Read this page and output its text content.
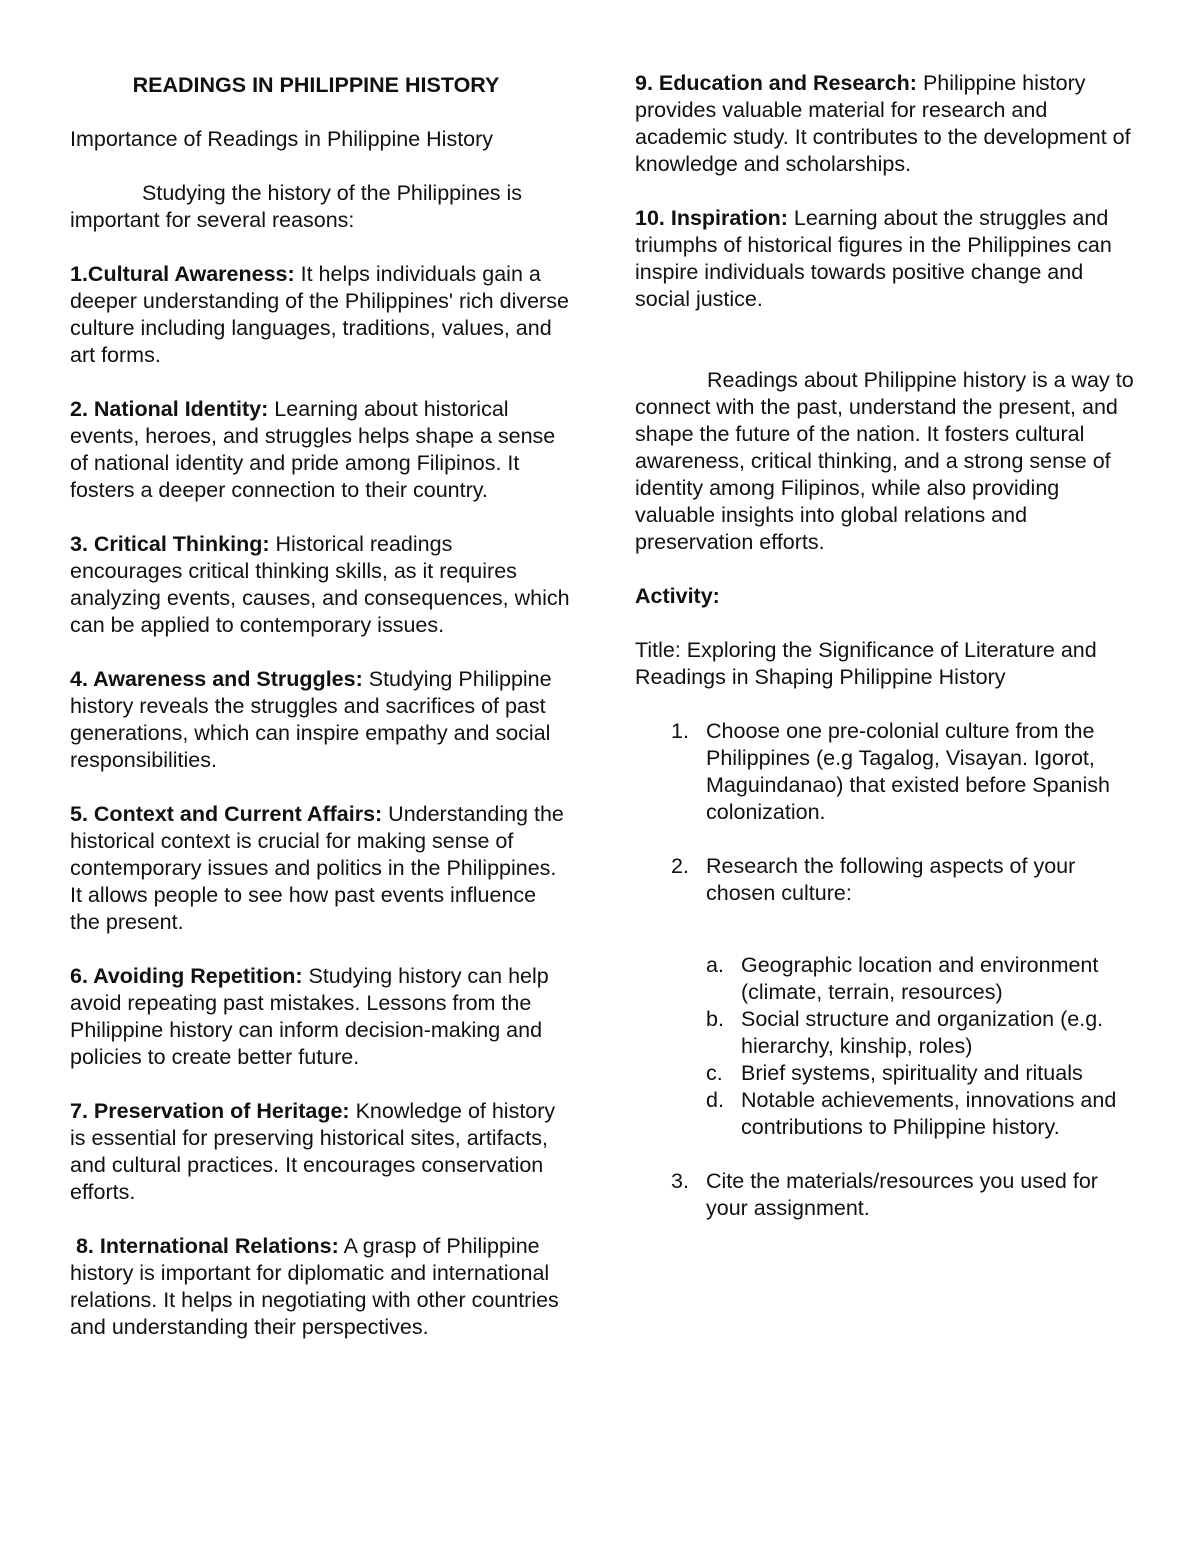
READINGS IN PHILIPPINE HISTORY

Importance of Readings in Philippine History

Studying the history of the Philippines is important for several reasons:

1.Cultural Awareness: It helps individuals gain a deeper understanding of the Philippines' rich diverse culture including languages, traditions, values, and art forms.

2. National Identity: Learning about historical events, heroes, and struggles helps shape a sense of national identity and pride among Filipinos. It fosters a deeper connection to their country.

3. Critical Thinking: Historical readings encourages critical thinking skills, as it requires analyzing events, causes, and consequences, which can be applied to contemporary issues.

4. Awareness and Struggles: Studying Philippine history reveals the struggles and sacrifices of past generations, which can inspire empathy and social responsibilities.

5. Context and Current Affairs: Understanding the historical context is crucial for making sense of contemporary issues and politics in the Philippines. It allows people to see how past events influence the present.

6. Avoiding Repetition: Studying history can help avoid repeating past mistakes. Lessons from the Philippine history can inform decision-making and policies to create better future.

7. Preservation of Heritage: Knowledge of history is essential for preserving historical sites, artifacts, and cultural practices. It encourages conservation efforts.

8. International Relations: A grasp of Philippine history is important for diplomatic and international relations. It helps in negotiating with other countries and understanding their perspectives.

9. Education and Research: Philippine history provides valuable material for research and academic study. It contributes to the development of knowledge and scholarships.

10. Inspiration: Learning about the struggles and triumphs of historical figures in the Philippines can inspire individuals towards positive change and social justice.

Readings about Philippine history is a way to connect with the past, understand the present, and shape the future of the nation. It fosters cultural awareness, critical thinking, and a strong sense of identity among Filipinos, while also providing valuable insights into global relations and preservation efforts.

Activity:

Title: Exploring the Significance of Literature and Readings in Shaping Philippine History

1. Choose one pre-colonial culture from the Philippines (e.g Tagalog, Visayan. Igorot, Maguindanao) that existed before Spanish colonization.
2. Research the following aspects of your chosen culture:
a. Geographic location and environment (climate, terrain, resources)
b. Social structure and organization (e.g. hierarchy, kinship, roles)
c. Brief systems, spirituality and rituals
d. Notable achievements, innovations and contributions to Philippine history.
3. Cite the materials/resources you used for your assignment.
